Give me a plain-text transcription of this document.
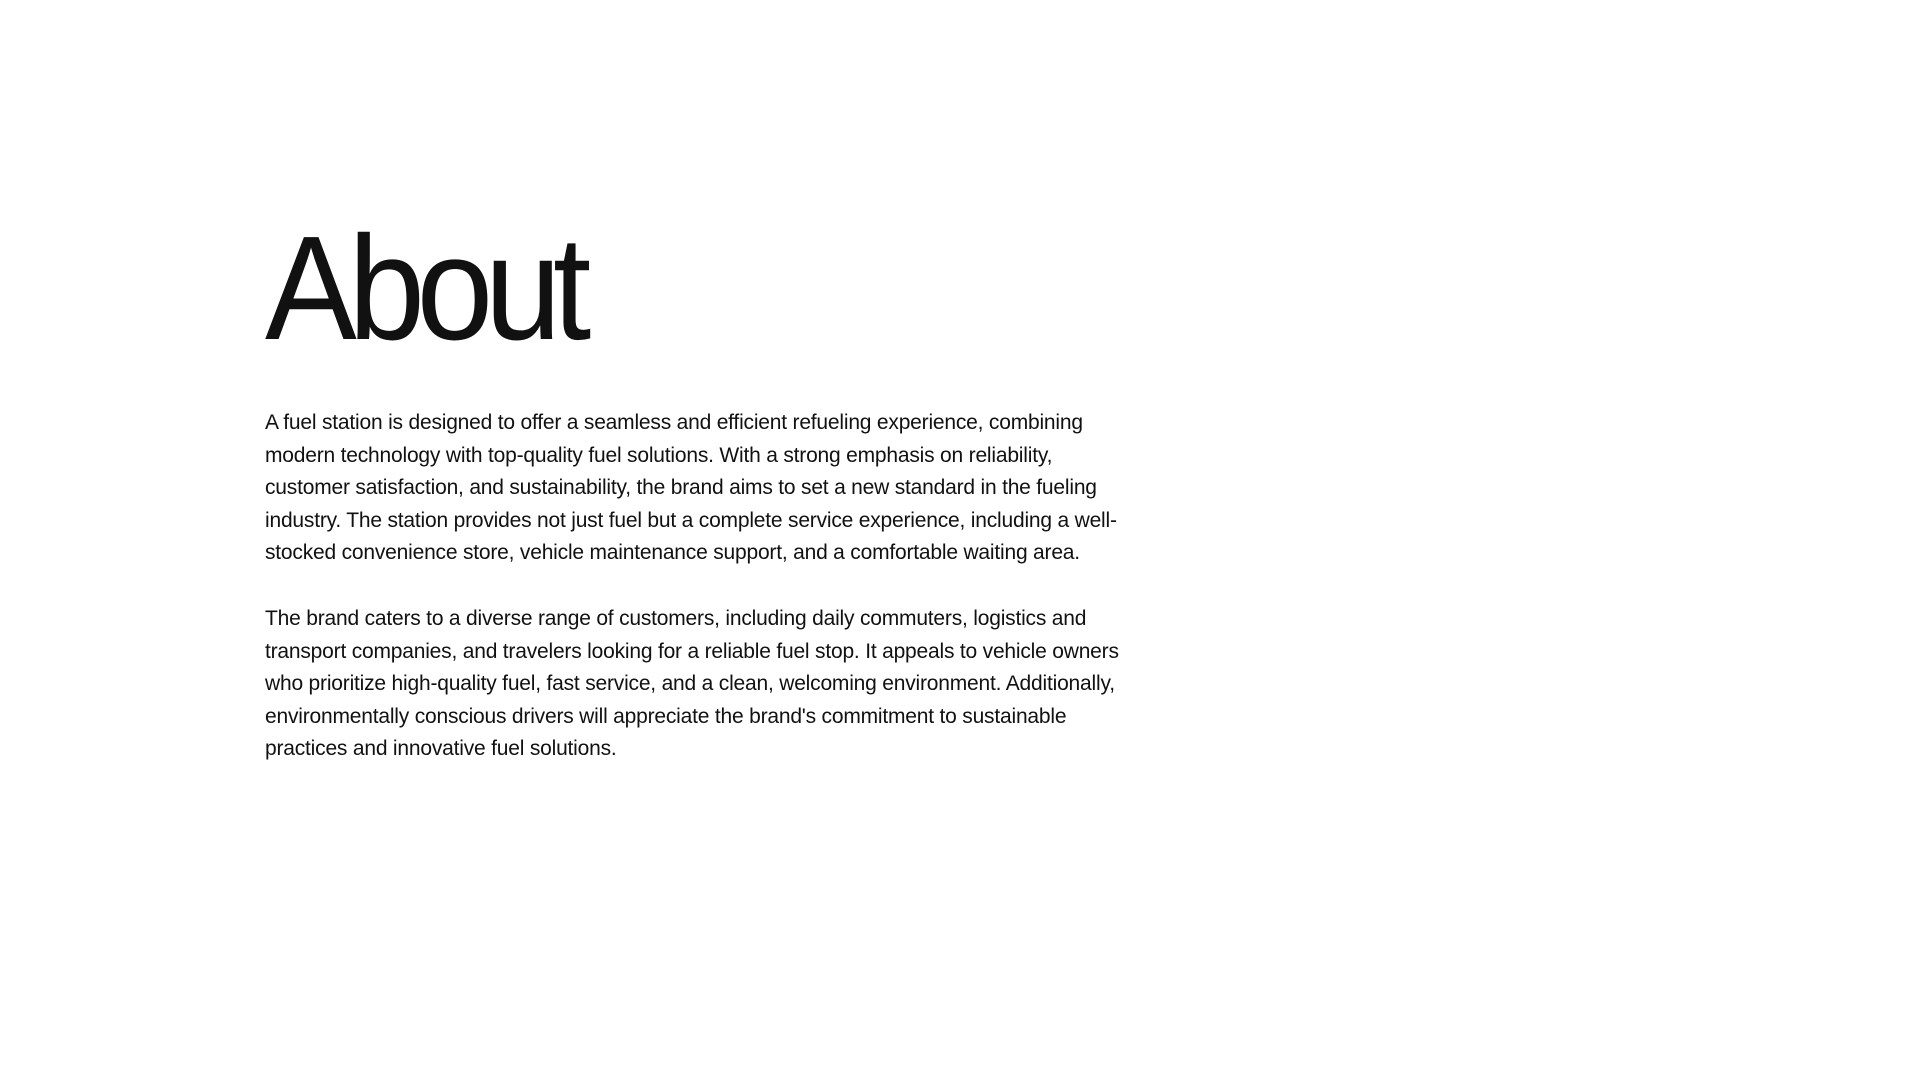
About

A fuel station is designed to offer a seamless and efficient refueling experience, combining modern technology with top-quality fuel solutions. With a strong emphasis on reliability, customer satisfaction, and sustainability, the brand aims to set a new standard in the fueling industry. The station provides not just fuel but a complete service experience, including a well-stocked convenience store, vehicle maintenance support, and a comfortable waiting area.

The brand caters to a diverse range of customers, including daily commuters, logistics and transport companies, and travelers looking for a reliable fuel stop. It appeals to vehicle owners who prioritize high-quality fuel, fast service, and a clean, welcoming environment. Additionally, environmentally conscious drivers will appreciate the brand's commitment to sustainable practices and innovative fuel solutions.
